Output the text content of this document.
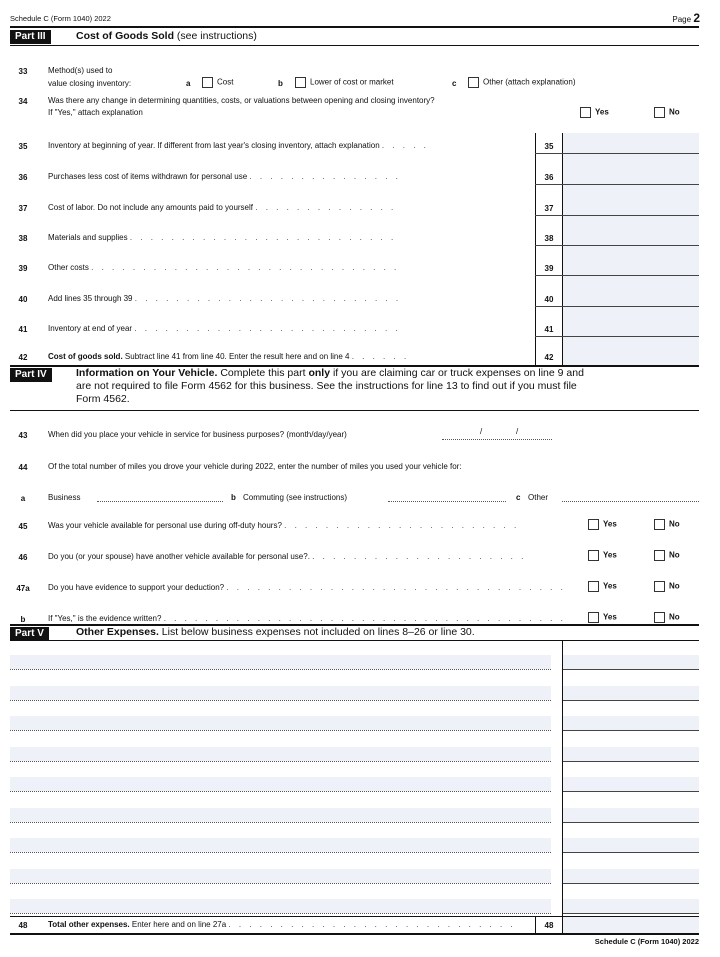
Schedule C (Form 1040) 2022	Page 2
Part III	Cost of Goods Sold (see instructions)
33	Method(s) used to
value closing inventory:	a	Cost	b	Lower of cost or market	c	Other (attach explanation)
34	Was there any change in determining quantities, costs, or valuations between opening and closing inventory?
If "Yes," attach explanation	Yes	No
35	Inventory at beginning of year. If different from last year's closing inventory, attach explanation . . . . .	35
36	Purchases less cost of items withdrawn for personal use . . . . . . . . . . . . . . .	36
37	Cost of labor. Do not include any amounts paid to yourself . . . . . . . . . . . . . .	37
38	Materials and supplies . . . . . . . . . . . . . . . . . . . . . . . . . .	38
39	Other costs . . . . . . . . . . . . . . . . . . . . . . . . . . . . . .	39
40	Add lines 35 through 39 . . . . . . . . . . . . . . . . . . . . . . . . . .	40
41	Inventory at end of year . . . . . . . . . . . . . . . . . . . . . . . . . .	41
42	Cost of goods sold. Subtract line 41 from line 40. Enter the result here and on line 4 . . . . . .	42
Part IV	Information on Your Vehicle. Complete this part only if you are claiming car or truck expenses on line 9 and
are not required to file Form 4562 for this business. See the instructions for line 13 to find out if you must file
Form 4562.
43	When did you place your vehicle in service for business purposes? (month/day/year)	/	/
44	Of the total number of miles you drove your vehicle during 2022, enter the number of miles you used your vehicle for:
a	Business	b Commuting (see instructions)	c Other
45	Was your vehicle available for personal use during off-duty hours? . . . . . . . . . . . . . . . . . . . . . . .	Yes	No
46	Do you (or your spouse) have another vehicle available for personal use?. . . . . . . . . . . . . . . . . . . . . .	Yes	No
47a	Do you have evidence to support your deduction? . . . . . . . . . . . . . . . . . . . . . . . . . . . . . . . . .	Yes	No
b	If "Yes," is the evidence written? . . . . . . . . . . . . . . . . . . . . . . . . . . . . . . . . . . . . . . .	Yes	No
Part V	Other Expenses. List below business expenses not included on lines 8–26 or line 30.
48	Total other expenses. Enter here and on line 27a . . . . . . . . . . . . . . . . . . . . . . . . . . . .	48
Schedule C (Form 1040) 2022
